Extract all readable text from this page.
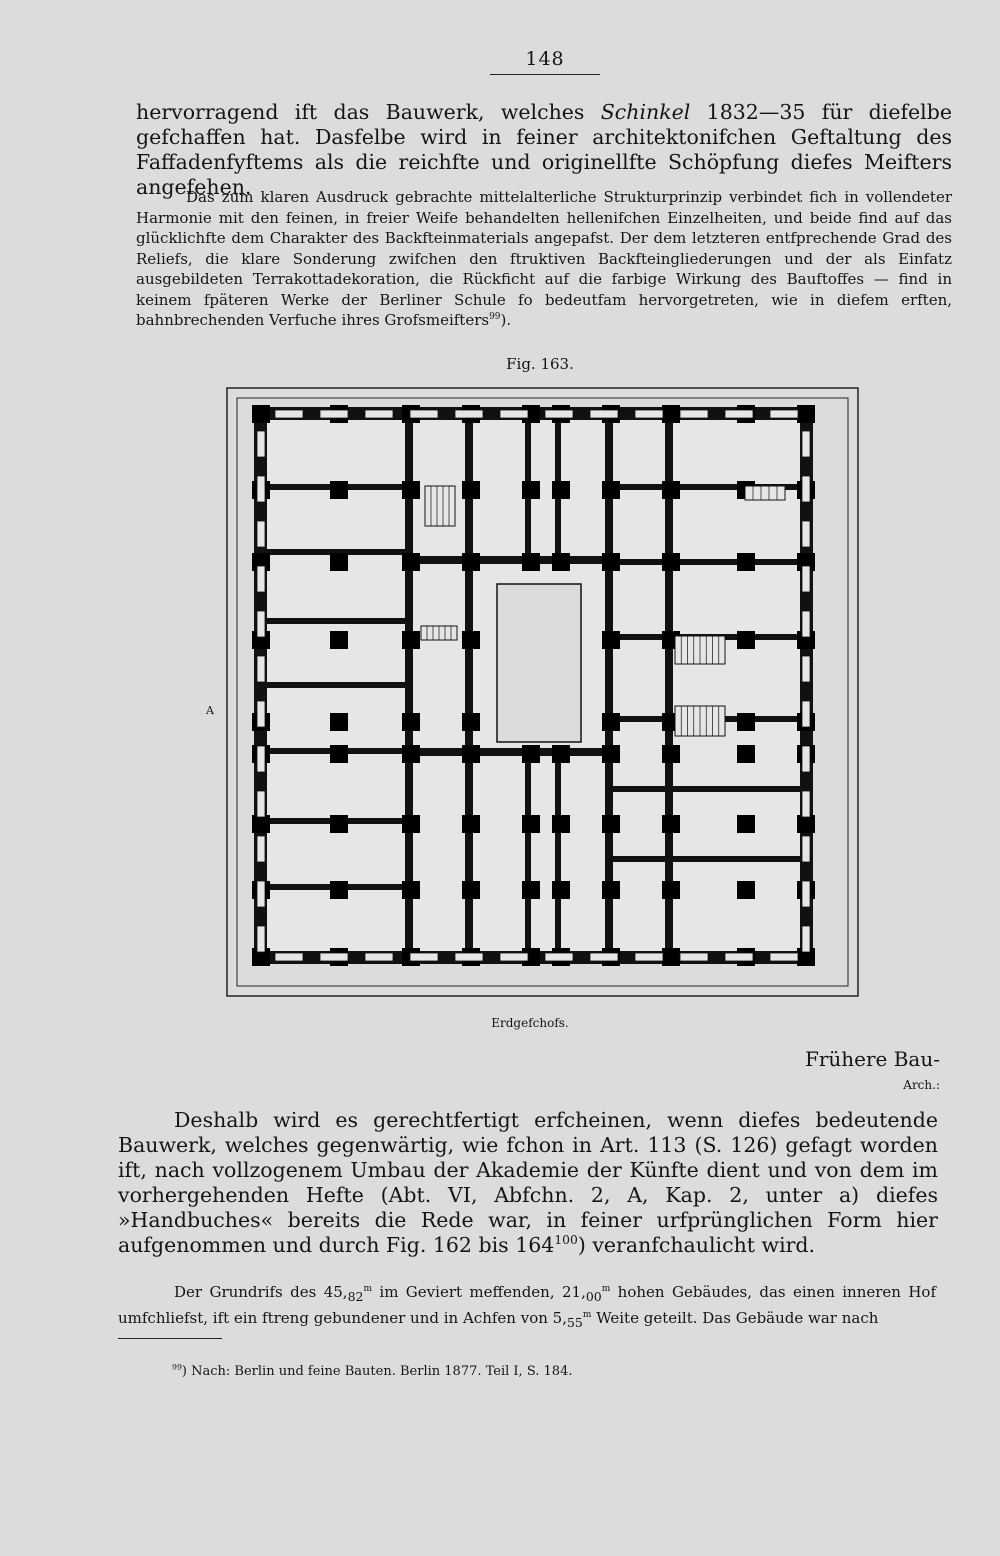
148

hervorragend ift das Bauwerk, welches Schinkel 1832—35 für diefelbe gefchaffen hat. Dasfelbe wird in feiner architektonifchen Geftaltung des Faffadenfyftems als die reichfte und originellfte Schöpfung diefes Meifters angefehen.

Das zum klaren Ausdruck gebrachte mittelalterliche Strukturprinzip verbindet fich in vollendeter Harmonie mit den feinen, in freier Weife behandelten hellenifchen Einzelheiten, und beide find auf das glücklichfte dem Charakter des Backfteinmaterials angepafst. Der dem letzteren entfprechende Grad des Reliefs, die klare Sonderung zwifchen den ftruktiven Backfteingliederungen und der als Einfatz ausgebildeten Terrakottadekoration, die Rückficht auf die farbige Wirkung des Bauftoffes — find in keinem fpäteren Werke der Berliner Schule fo bedeutfam hervorgetreten, wie in diefem erften, bahnbrechenden Verfuche ihres Grofsmeifters$^{99}$).

Fig. 163.
A
Erdgefchofs.
Frühere Bau-
Arch.:

Deshalb wird es gerechtfertigt erfcheinen, wenn diefes bedeutende Bauwerk, welches gegenwärtig, wie fchon in Art. 113 (S. 126) gefagt worden ift, nach vollzogenem Umbau der Akademie der Künfte dient und von dem im vorhergehenden Hefte (Abt. VI, Abfchn. 2, A, Kap. 2, unter a) diefes »Handbuches« bereits die Rede war, in feiner urfprünglichen Form hier aufgenommen und durch Fig. 162 bis $164^{100}$) veranfchaulicht wird.

Der Grundrifs des $45,_{82}^m$ im Geviert meffenden, $21,_{00}^m$ hohen Gebäudes, das einen inneren Hof umfchliefst, ift ein ftreng gebundener und in Achfen von $5,_{55}^m$ Weite geteilt. Das Gebäude war nach

$^{99}$) Nach: Berlin und feine Bauten. Berlin 1877. Teil I, S. 184.
